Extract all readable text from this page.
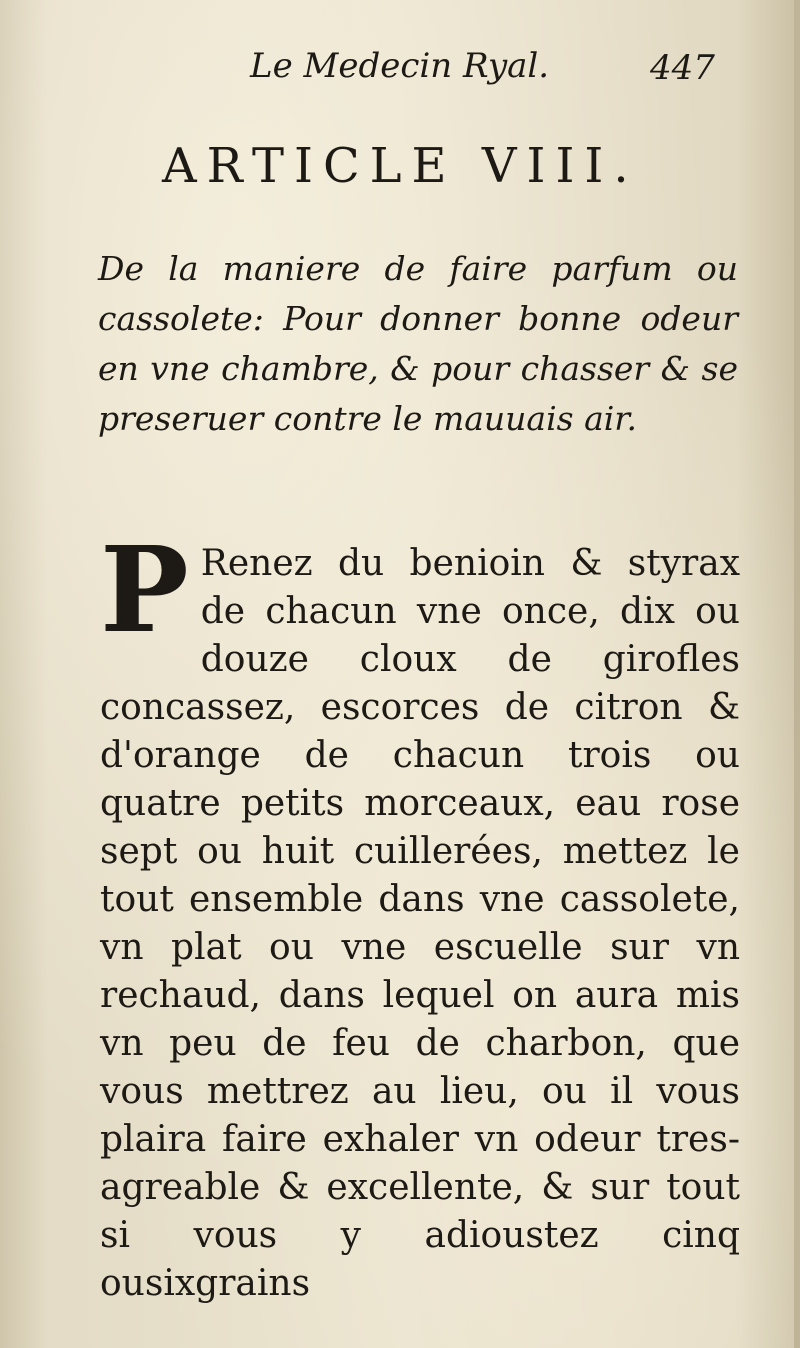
Le Medecin Ryal.	447
ARTICLE VIII.
De la maniere de faire parfum ou cassolete: Pour donner bonne odeur en vne chambre, & pour chasser & se preseruer contre le mauuais air.
P Renez du benioin & styrax de chacun vne once, dix ou douze cloux de girofles concassez, escorces de citron & d'orange de chacun trois ou quatre petits morceaux, eau rose sept ou huit cuillerées, mettez le tout ensemble dans vne cassolete, vn plat ou vne escuelle sur vn rechaud, dans lequel on aura mis vn peu de feu de charbon, que vous mettrez au lieu, ou il vous plaira faire exhaler vn odeur tres-agreable & excellente, & sur tout si vous y adioustez cinq ousixgrains
